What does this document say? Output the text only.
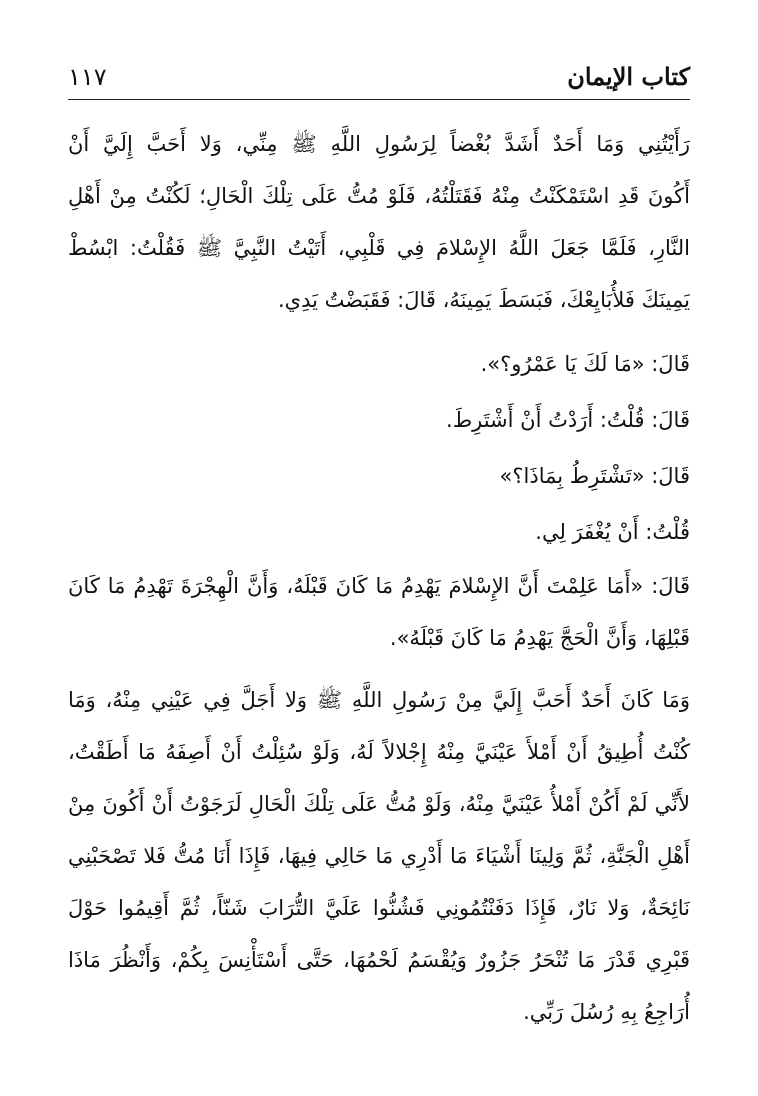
كتاب الإيمان
١١٧
رَأَيْتُنِي وَمَا أَحَدٌ أَشَدَّ بُغْضاً لِرَسُولِ اللَّهِ ﷺ مِنِّي، وَلا أَحَبَّ إِلَيَّ أَنْ
أَكُونَ قَدِ اسْتَمْكَنْتُ مِنْهُ فَقَتَلْتُهُ، فَلَوْ مُتُّ عَلَى تِلْكَ الْحَالِ؛ لَكُنْتُ مِنْ أَهْلِ
النَّارِ، فَلَمَّا جَعَلَ اللَّهُ الإِسْلامَ فِي قَلْبِي، أَتَيْتُ النَّبِيَّ ﷺ فَقُلْتُ: ابْسُطْ
يَمِينَكَ فَلأُبَايِعْكَ، فَبَسَطَ يَمِينَهُ، قَالَ: فَقَبَضْتُ يَدِي.
قَالَ: «مَا لَكَ يَا عَمْرُو؟».
قَالَ: قُلْتُ: أَرَدْتُ أَنْ أَشْتَرِطَ.
قَالَ: «تَشْتَرِطُ بِمَاذَا؟»
قُلْتُ: أَنْ يُغْفَرَ لِي.
قَالَ: «أَمَا عَلِمْتَ أَنَّ الإِسْلامَ يَهْدِمُ مَا كَانَ قَبْلَهُ، وَأَنَّ الْهِجْرَةَ تَهْدِمُ مَا كَانَ
قَبْلِهَا، وَأَنَّ الْحَجَّ يَهْدِمُ مَا كَانَ قَبْلَهُ».
وَمَا كَانَ أَحَدٌ أَحَبَّ إِلَيَّ مِنْ رَسُولِ اللَّهِ ﷺ وَلا أَجَلَّ فِي عَيْنِي مِنْهُ، وَمَا
كُنْتُ أُطِيقُ أَنْ أَمْلأَ عَيْنَيَّ مِنْهُ إِجْلالاً لَهُ، وَلَوْ سُئِلْتُ أَنْ أَصِفَهُ مَا أَطَقْتُ،
لأَنِّي لَمْ أَكُنْ أَمْلأُ عَيْنَيَّ مِنْهُ، وَلَوْ مُتُّ عَلَى تِلْكَ الْحَالِ لَرَجَوْتُ أَنْ أَكُونَ مِنْ
أَهْلِ الْجَنَّةِ، ثُمَّ وَلِينَا أَشْيَاءَ مَا أَدْرِي مَا حَالِي فِيهَا، فَإِذَا أَنَا مُتُّ فَلا تَصْحَبْنِي
نَائِحَةٌ، وَلا نَارٌ، فَإِذَا دَفَنْتُمُونِي فَشُنُّوا عَلَيَّ التُّرَابَ شَنّاً، ثُمَّ أَقِيمُوا حَوْلَ
قَبْرِي قَدْرَ مَا تُنْحَرُ جَزُورٌ وَيُقْسَمُ لَحْمُهَا، حَتَّى أَسْتَأْنِسَ بِكُمْ، وَأَنْظُرَ مَاذَا
أُرَاجِعُ بِهِ رُسُلَ رَبِّي.
